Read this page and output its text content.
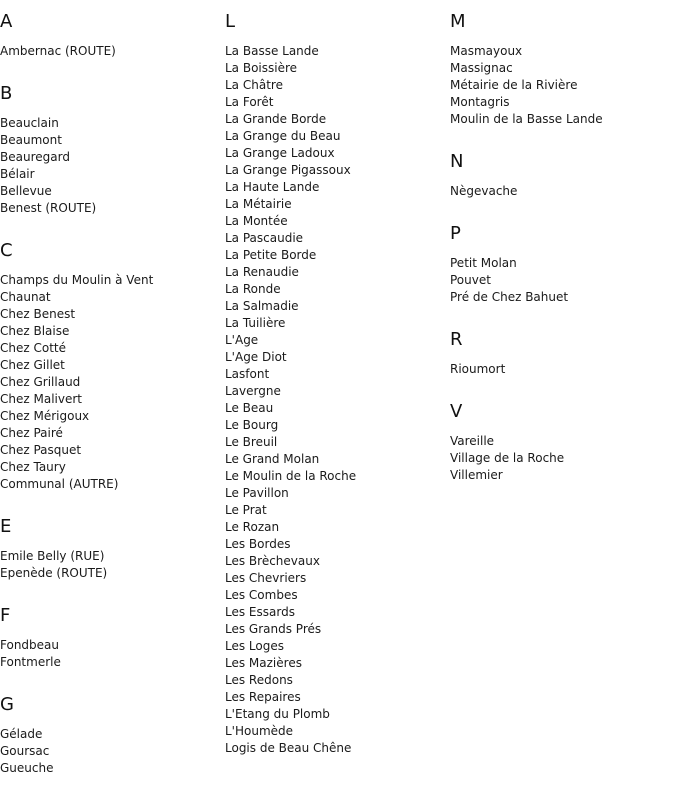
A
Ambernac (ROUTE)
B
Beauclain
Beaumont
Beauregard
Bélair
Bellevue
Benest (ROUTE)
C
Champs du Moulin à Vent
Chaunat
Chez Benest
Chez Blaise
Chez Cotté
Chez Gillet
Chez Grillaud
Chez Malivert
Chez Mérigoux
Chez Pairé
Chez Pasquet
Chez Taury
Communal (AUTRE)
E
Emile Belly (RUE)
Epenède (ROUTE)
F
Fondbeau
Fontmerle
G
Gélade
Goursac
Gueuche
L
La Basse Lande
La Boissière
La Châtre
La Forêt
La Grande Borde
La Grange du Beau
La Grange Ladoux
La Grange Pigassoux
La Haute Lande
La Métairie
La Montée
La Pascaudie
La Petite Borde
La Renaudie
La Ronde
La Salmadie
La Tuilière
L'Age
L'Age Diot
Lasfont
Lavergne
Le Beau
Le Bourg
Le Breuil
Le Grand Molan
Le Moulin de la Roche
Le Pavillon
Le Prat
Le Rozan
Les Bordes
Les Brèchevaux
Les Chevriers
Les Combes
Les Essards
Les Grands Prés
Les Loges
Les Mazières
Les Redons
Les Repaires
L'Etang du Plomb
L'Houmède
Logis de Beau Chêne
M
Masmayoux
Massignac
Métairie de la Rivière
Montagris
Moulin de la Basse Lande
N
Nègevache
P
Petit Molan
Pouvet
Pré de Chez Bahuet
R
Rioumort
V
Vareille
Village de la Roche
Villemier
